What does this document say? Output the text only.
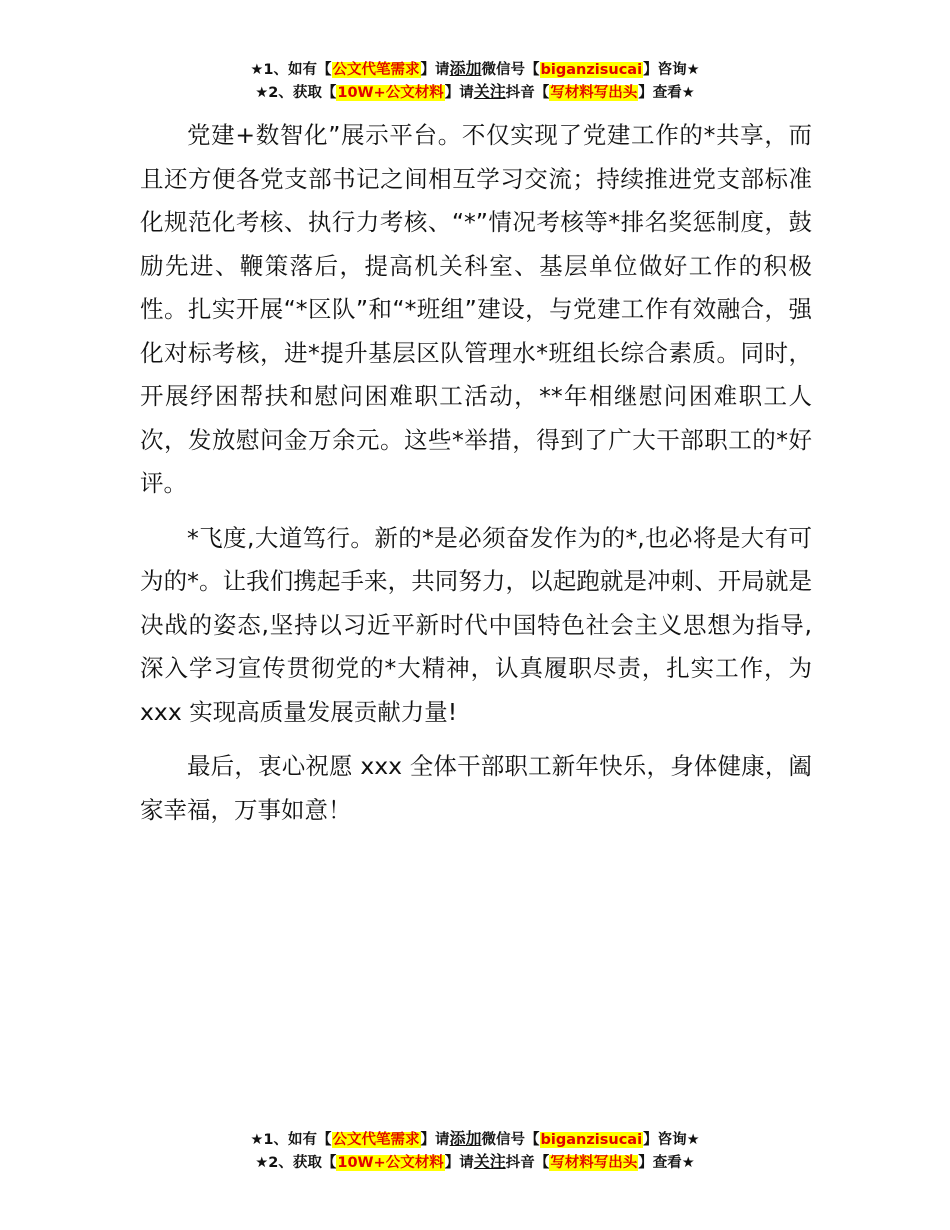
★1、如有【公文代笔需求】请添加微信号【biganzisucai】咨询★
★2、获取【10W+公文材料】请关注抖音【写材料写出头】查看★

党建+数智化”展示平台。不仅实现了党建工作的*共享，而且还方便各党支部书记之间相互学习交流；持续推进党支部标准化规范化考核、执行力考核、“*”情况考核等*排名奖惩制度，鼓励先进、鞭策落后，提高机关科室、基层单位做好工作的积极性。扎实开展“*区队”和“*班组”建设，与党建工作有效融合，强化对标考核，进*提升基层区队管理水*班组长综合素质。同时，开展纾困帮扶和慰问困难职工活动，**年相继慰问困难职工人次，发放慰问金万余元。这些*举措，得到了广大干部职工的*好评。

*飞度,大道笃行。新的*是必须奋发作为的*,也必将是大有可为的*。让我们携起手来，共同努力，以起跑就是冲刺、开局就是决战的姿态,坚持以习近平新时代中国特色社会主义思想为指导,深入学习宣传贯彻党的*大精神，认真履职尽责，扎实工作，为 xxx 实现高质量发展贡献力量!

最后，衷心祝愿 xxx 全体干部职工新年快乐，身体健康，阖家幸福，万事如意！

★1、如有【公文代笔需求】请添加微信号【biganzisucai】咨询★
★2、获取【10W+公文材料】请关注抖音【写材料写出头】查看★
